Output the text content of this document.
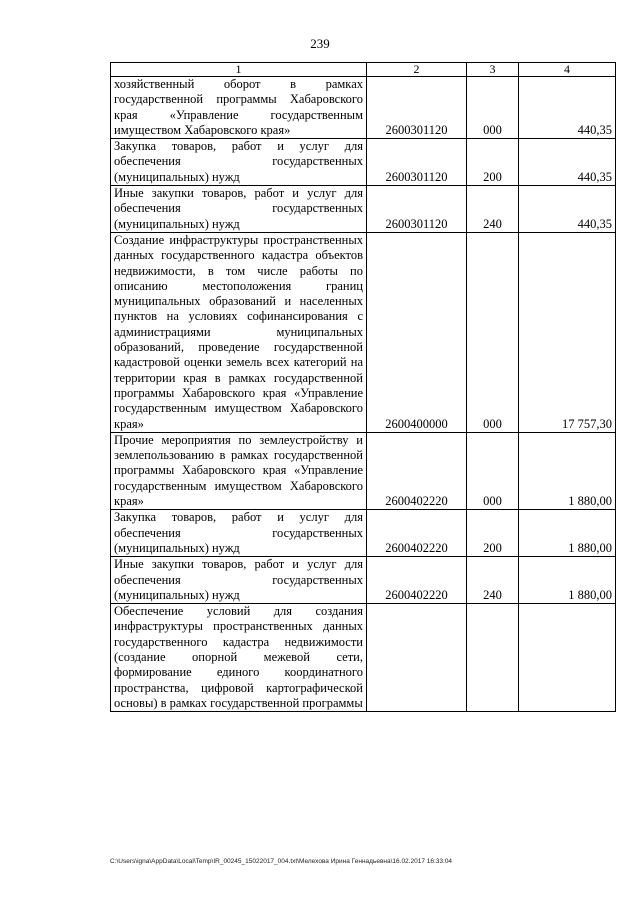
239
1	2	3	4
хозяйственный оборот в рамках государственной программы Хабаровского края «Управление государственным имуществом Хабаровского края»	2600301120	000	440,35
Закупка товаров, работ и услуг для обеспечения государственных (муниципальных) нужд	2600301120	200	440,35
Иные закупки товаров, работ и услуг для обеспечения государственных (муниципальных) нужд	2600301120	240	440,35
Создание инфраструктуры пространственных данных государственного кадастра объектов недвижимости, в том числе работы по описанию местоположения границ муниципальных образований и населенных пунктов на условиях софинансирования с администрациями муниципальных образований, проведение государственной кадастровой оценки земель всех категорий на территории края в рамках государственной программы Хабаровского края «Управление государственным имуществом Хабаровского края»	2600400000	000	17 757,30
Прочие мероприятия по землеустройству и землепользованию в рамках государственной программы Хабаровского края «Управление государственным имуществом Хабаровского края»	2600402220	000	1 880,00
Закупка товаров, работ и услуг для обеспечения государственных (муниципальных) нужд	2600402220	200	1 880,00
Иные закупки товаров, работ и услуг для обеспечения государственных (муниципальных) нужд	2600402220	240	1 880,00
Обеспечение условий для создания инфраструктуры пространственных данных государственного кадастра недвижимости (создание опорной межевой сети, формирование единого координатного пространства, цифровой картографической основы) в рамках государственной программы			
C:\Users\igna\AppData\Local\Temp\IR_00245_15022017_004.txt\Мелехова Ирина Геннадьевна\16.02.2017 16:33:04
